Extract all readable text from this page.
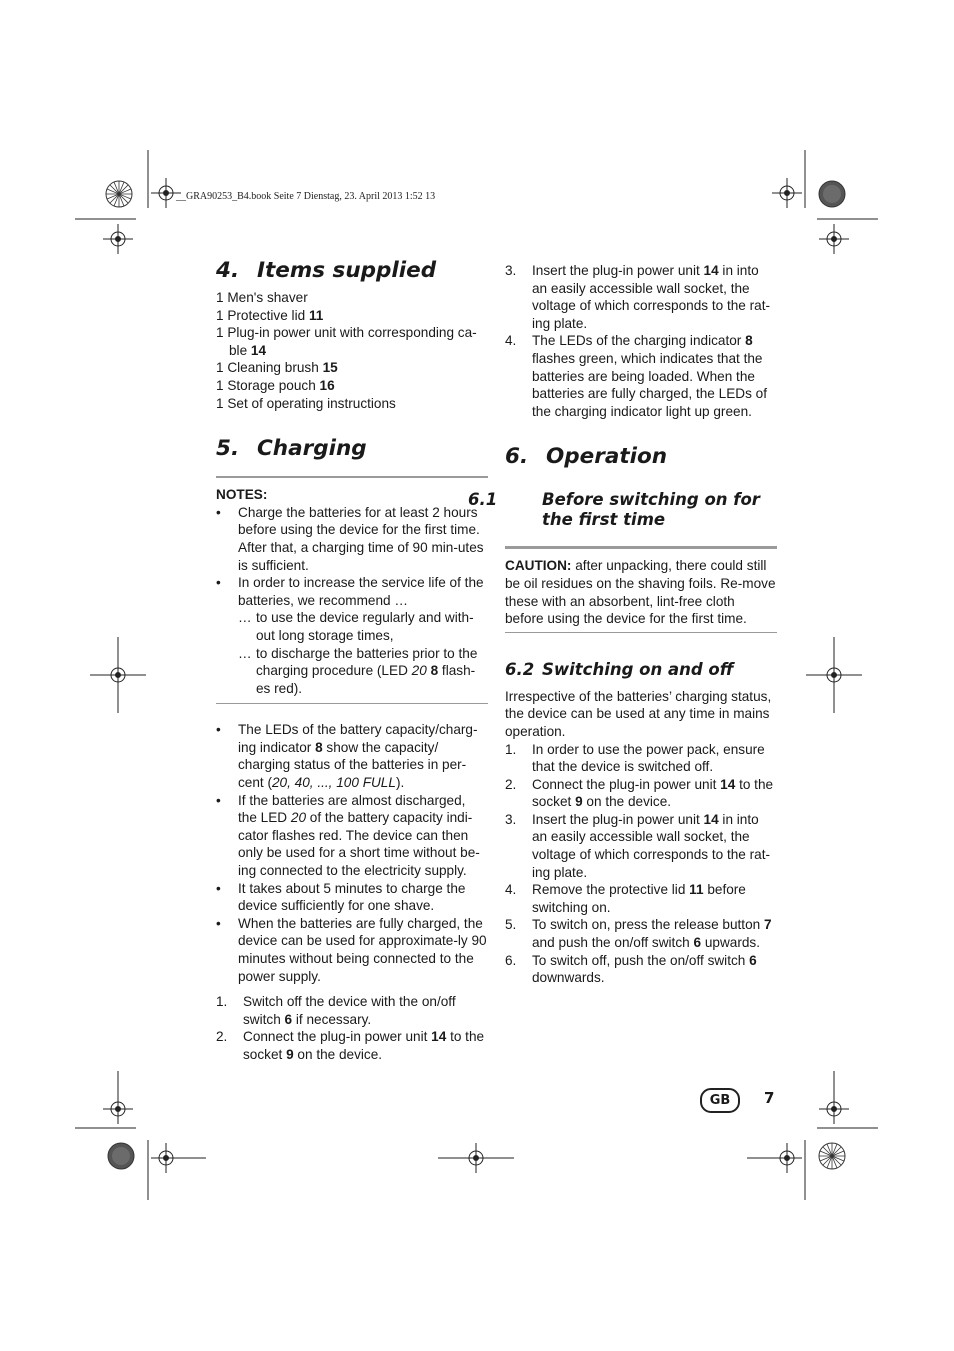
__GRA90253_B4.book Seite 7 Dienstag, 23. April 2013 1:52 13
4. Items supplied
1 Men's shaver
1 Protective lid 11
1 Plug-in power unit with corresponding ca-ble 14
1 Cleaning brush 15
1 Storage pouch 16
1 Set of operating instructions
5. Charging
NOTES:
• Charge the batteries for at least 2 hours before using the device for the first time. After that, a charging time of 90 min-utes is sufficient.
• In order to increase the service life of the batteries, we recommend …
… to use the device regularly and with-out long storage times,
… to discharge the batteries prior to the charging procedure (LED 20 8 flash-es red).
• The LEDs of the battery capacity/charg-ing indicator 8 show the capacity/ charging status of the batteries in per-cent (20, 40, ..., 100 FULL).
• If the batteries are almost discharged, the LED 20 of the battery capacity indi-cator flashes red. The device can then only be used for a short time without be-ing connected to the electricity supply.
• It takes about 5 minutes to charge the device sufficiently for one shave.
• When the batteries are fully charged, the device can be used for approximate-ly 90 minutes without being connected to the power supply.
1. Switch off the device with the on/off switch 6 if necessary.
2. Connect the plug-in power unit 14 to the socket 9 on the device.
3. Insert the plug-in power unit 14 in into an easily accessible wall socket, the voltage of which corresponds to the rat-ing plate.
4. The LEDs of the charging indicator 8 flashes green, which indicates that the batteries are being loaded. When the batteries are fully charged, the LEDs of the charging indicator light up green.
6. Operation
6.1	Before switching on for the first time
CAUTION: after unpacking, there could still be oil residues on the shaving foils. Re-move these with an absorbent, lint-free cloth before using the device for the first time.
6.2 Switching on and off
Irrespective of the batteries’ charging status, the device can be used at any time in mains operation.
1. In order to use the power pack, ensure that the device is switched off.
2. Connect the plug-in power unit 14 to the socket 9 on the device.
3. Insert the plug-in power unit 14 in into an easily accessible wall socket, the voltage of which corresponds to the rat-ing plate.
4. Remove the protective lid 11 before switching on.
5. To switch on, press the release button 7 and push the on/off switch 6 upwards.
6. To switch off, push the on/off switch 6 downwards.
GB	7
